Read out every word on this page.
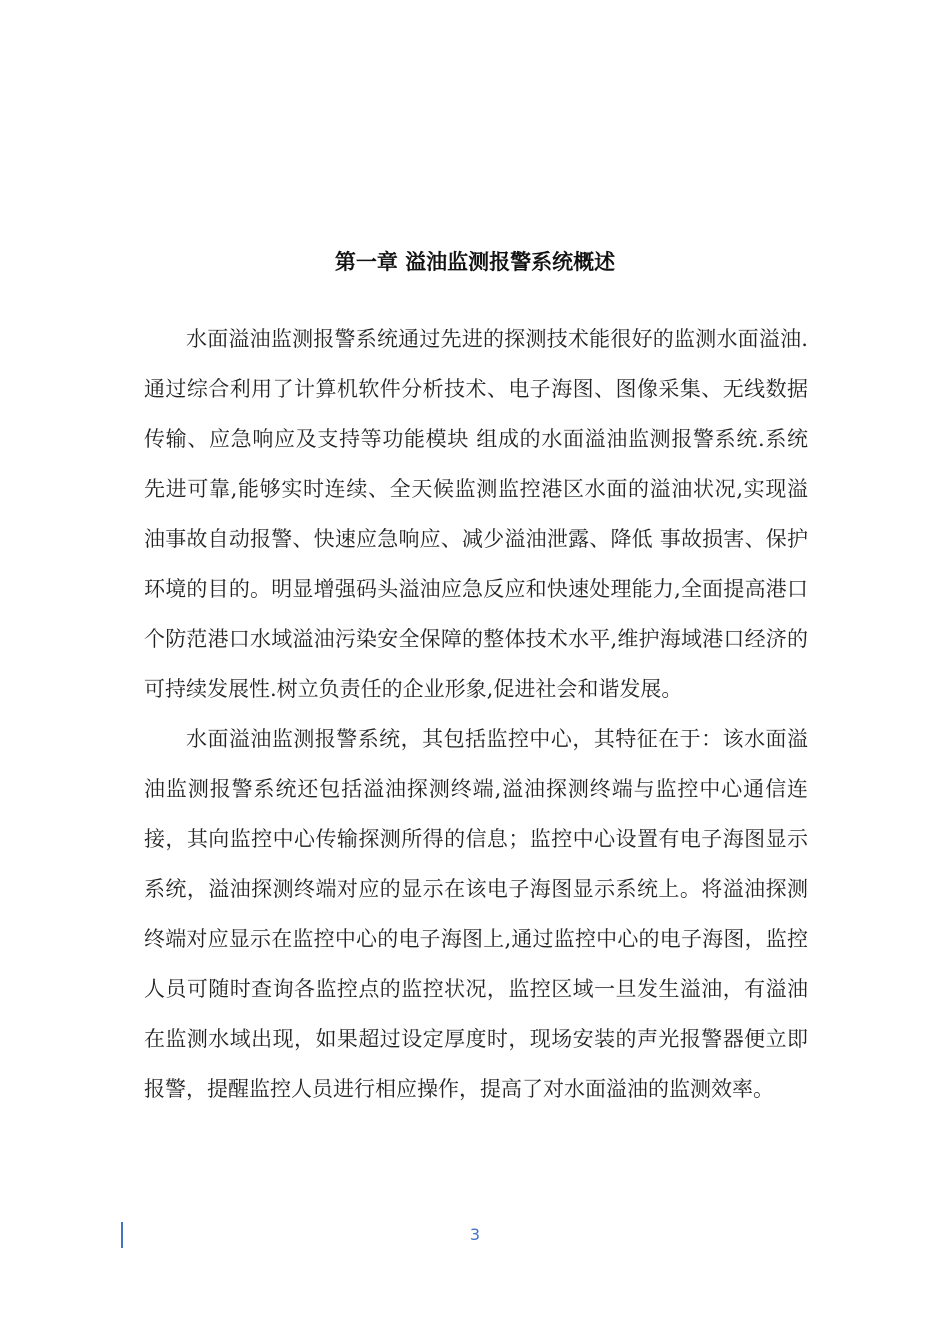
第一章 溢油监测报警系统概述

水面溢油监测报警系统通过先进的探测技术能很好的监测水面溢油.通过综合利用了计算机软件分析技术、电子海图、图像采集、无线数据传输、应急响应及支持等功能模块 组成的水面溢油监测报警系统.系统先进可靠,能够实时连续、全天候监测监控港区水面的溢油状况,实现溢油事故自动报警、快速应急响应、减少溢油泄露、降低 事故损害、保护环境的目的。明显增强码头溢油应急反应和快速处理能力,全面提高港口个防范港口水域溢油污染安全保障的整体技术水平,维护海域港口经济的可持续发展性.树立负责任的企业形象,促进社会和谐发展。

水面溢油监测报警系统，其包括监控中心，其特征在于：该水面溢油监测报警系统还包括溢油探测终端,溢油探测终端与监控中心通信连接，其向监控中心传输探测所得的信息；监控中心设置有电子海图显示系统，溢油探测终端对应的显示在该电子海图显示系统上。将溢油探测终端对应显示在监控中心的电子海图上,通过监控中心的电子海图，监控人员可随时查询各监控点的监控状况，监控区域一旦发生溢油，有溢油在监测水域出现，如果超过设定厚度时，现场安装的声光报警器便立即报警，提醒监控人员进行相应操作，提高了对水面溢油的监测效率。

3
